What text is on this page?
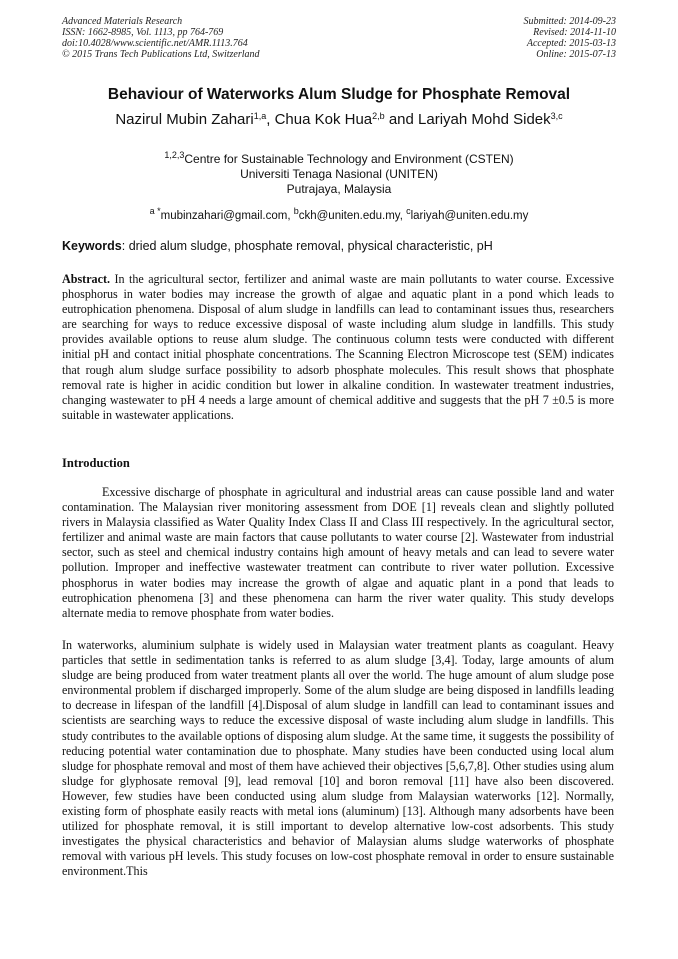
Advanced Materials Research
ISSN: 1662-8985, Vol. 1113, pp 764-769
doi:10.4028/www.scientific.net/AMR.1113.764
© 2015 Trans Tech Publications Ltd, Switzerland
Submitted: 2014-09-23
Revised: 2014-11-10
Accepted: 2015-03-13
Online: 2015-07-13
Behaviour of Waterworks Alum Sludge for Phosphate Removal
Nazirul Mubin Zahari$^{1,a}$, Chua Kok Hua$^{2,b}$ and Lariyah Mohd Sidek$^{3,c}$
$^{1,2,3}$Centre for Sustainable Technology and Environment (CSTEN)
Universiti Tenaga Nasional (UNITEN)
Putrajaya, Malaysia
$^{a *}$mubinzahari@gmail.com, $^b$ckh@uniten.edu.my, $^c$lariyah@uniten.edu.my
Keywords: dried alum sludge, phosphate removal, physical characteristic, pH
Abstract. In the agricultural sector, fertilizer and animal waste are main pollutants to water course. Excessive phosphorus in water bodies may increase the growth of algae and aquatic plant in a pond which leads to eutrophication phenomena. Disposal of alum sludge in landfills can lead to contaminant issues thus, researchers are searching for ways to reduce excessive disposal of waste including alum sludge in landfills. This study provides available options to reuse alum sludge. The continuous column tests were conducted with different initial pH and contact initial phosphate concentrations. The Scanning Electron Microscope test (SEM) indicates that rough alum sludge surface possibility to adsorb phosphate molecules. This result shows that phosphate removal rate is higher in acidic condition but lower in alkaline condition. In wastewater treatment industries, changing wastewater to pH 4 needs a large amount of chemical additive and suggests that the pH 7 ±0.5 is more suitable in wastewater applications.
Introduction
Excessive discharge of phosphate in agricultural and industrial areas can cause possible land and water contamination. The Malaysian river monitoring assessment from DOE [1] reveals clean and slightly polluted rivers in Malaysia classified as Water Quality Index Class II and Class III respectively. In the agricultural sector, fertilizer and animal waste are main factors that cause pollutants to water course [2]. Wastewater from industrial sector, such as steel and chemical industry contains high amount of heavy metals and can lead to severe water pollution. Improper and ineffective wastewater treatment can contribute to river water pollution. Excessive phosphorus in water bodies may increase the growth of algae and aquatic plant in a pond that leads to eutrophication phenomena [3] and these phenomena can harm the river water quality. This study develops alternate media to remove phosphate from water bodies.
In waterworks, aluminium sulphate is widely used in Malaysian water treatment plants as coagulant. Heavy particles that settle in sedimentation tanks is referred to as alum sludge [3,4]. Today, large amounts of alum sludge are being produced from water treatment plants all over the world. The huge amount of alum sludge pose environmental problem if discharged improperly. Some of the alum sludge are being disposed in landfills leading to decrease in lifespan of the landfill [4].Disposal of alum sludge in landfill can lead to contaminant issues and scientists are searching ways to reduce the excessive disposal of waste including alum sludge in landfills. This study contributes to the available options of disposing alum sludge. At the same time, it suggests the possibility of reducing potential water contamination due to phosphate. Many studies have been conducted using local alum sludge for phosphate removal and most of them have achieved their objectives [5,6,7,8]. Other studies using alum sludge for glyphosate removal [9], lead removal [10] and boron removal [11] have also been discovered. However, few studies have been conducted using alum sludge from Malaysian waterworks [12]. Normally, existing form of phosphate easily reacts with metal ions (aluminum) [13]. Although many adsorbents have been utilized for phosphate removal, it is still important to develop alternative low-cost adsorbents. This study investigates the physical characteristics and behavior of Malaysian alums sludge waterworks of phosphate removal with various pH levels. This study focuses on low-cost phosphate removal in order to ensure sustainable environment.This
